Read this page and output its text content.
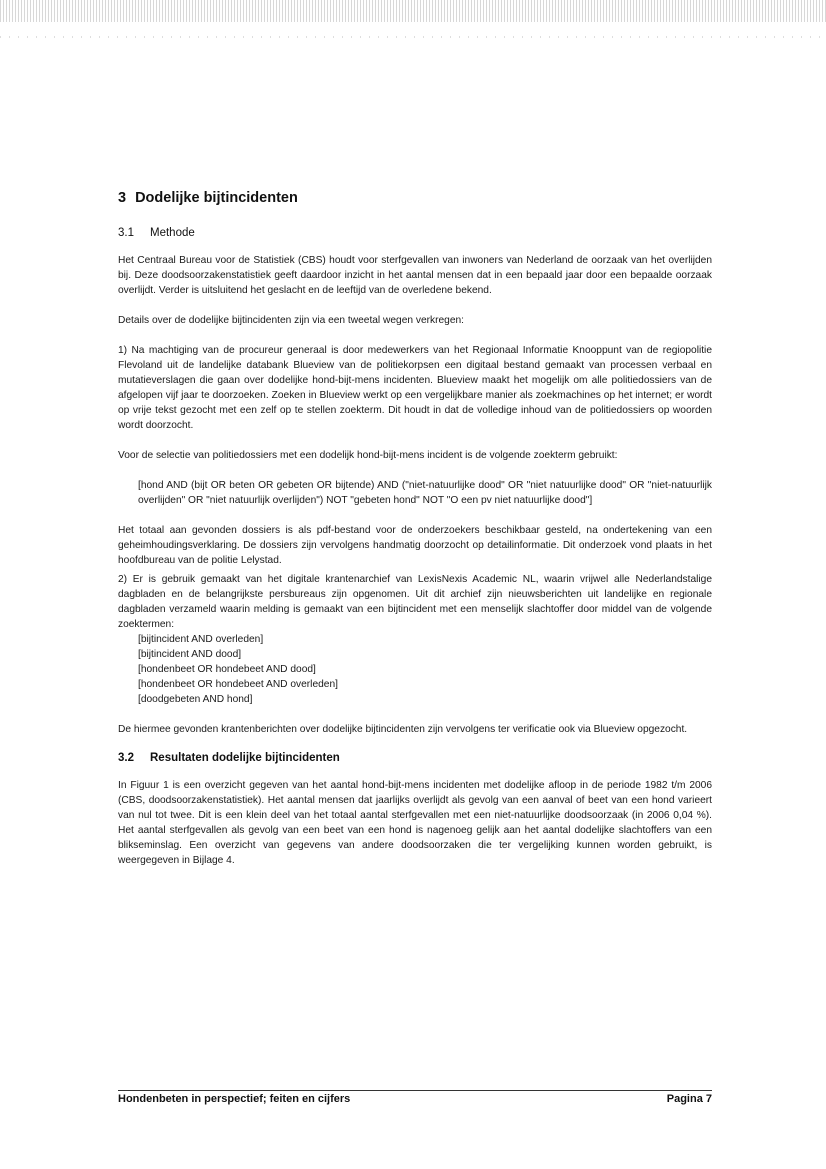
3 Dodelijke bijtincidenten
3.1 Methode

Het Centraal Bureau voor de Statistiek (CBS) houdt voor sterfgevallen van inwoners van Nederland de oorzaak van het overlijden bij. Deze doodsoorzakenstatistiek geeft daardoor inzicht in het aantal mensen dat in een bepaald jaar door een bepaalde oorzaak overlijdt. Verder is uitsluitend het geslacht en de leeftijd van de overledene bekend.

Details over de dodelijke bijtincidenten zijn via een tweetal wegen verkregen:

1) Na machtiging van de procureur generaal is door medewerkers van het Regionaal Informatie Knooppunt van de regiopolitie Flevoland uit de landelijke databank Blueview van de politiekorpsen een digitaal bestand gemaakt van processen verbaal en mutatieverslagen die gaan over dodelijke hond-bijt-mens incidenten. Blueview maakt het mogelijk om alle politiedossiers van de afgelopen vijf jaar te doorzoeken. Zoeken in Blueview werkt op een vergelijkbare manier als zoekmachines op het internet; er wordt op vrije tekst gezocht met een zelf op te stellen zoekterm. Dit houdt in dat de volledige inhoud van de politiedossiers op woorden wordt doorzocht.

Voor de selectie van politiedossiers met een dodelijk hond-bijt-mens incident is de volgende zoekterm gebruikt:

[hond AND (bijt OR beten OR gebeten OR bijtende) AND ("niet-natuurlijke dood" OR "niet natuurlijke dood" OR "niet-natuurlijk overlijden" OR "niet natuurlijk overlijden") NOT "gebeten hond" NOT "O een pv niet natuurlijke dood"]

Het totaal aan gevonden dossiers is als pdf-bestand voor de onderzoekers beschikbaar gesteld, na ondertekening van een geheimhoudingsverklaring. De dossiers zijn vervolgens handmatig doorzocht op detailinformatie. Dit onderzoek vond plaats in het hoofdbureau van de politie Lelystad.

2) Er is gebruik gemaakt van het digitale krantenarchief van LexisNexis Academic NL, waarin vrijwel alle Nederlandstalige dagbladen en de belangrijkste persbureaus zijn opgenomen. Uit dit archief zijn nieuwsberichten uit landelijke en regionale dagbladen verzameld waarin melding is gemaakt van een bijtincident met een menselijk slachtoffer door middel van de volgende zoektermen:

[bijtincident AND overleden]
[bijtincident AND dood]
[hondenbeet OR hondebeet AND dood]
[hondenbeet OR hondebeet AND overleden]
[doodgebeten AND hond]

De hiermee gevonden krantenberichten over dodelijke bijtincidenten zijn vervolgens ter verificatie ook via Blueview opgezocht.

3.2 Resultaten dodelijke bijtincidenten

In Figuur 1 is een overzicht gegeven van het aantal hond-bijt-mens incidenten met dodelijke afloop in de periode 1982 t/m 2006 (CBS, doodsoorzakenstatistiek). Het aantal mensen dat jaarlijks overlijdt als gevolg van een aanval of beet van een hond varieert van nul tot twee. Dit is een klein deel van het totaal aantal sterfgevallen met een niet-natuurlijke doodsoorzaak (in 2006 0,04 %). Het aantal sterfgevallen als gevolg van een beet van een hond is nagenoeg gelijk aan het aantal dodelijke slachtoffers van een blikseminslag. Een overzicht van gegevens van andere doodsoorzaken die ter vergelijking kunnen worden gebruikt, is weergegeven in Bijlage 4.

Hondenbeten in perspectief; feiten en cijfers	Pagina 7
